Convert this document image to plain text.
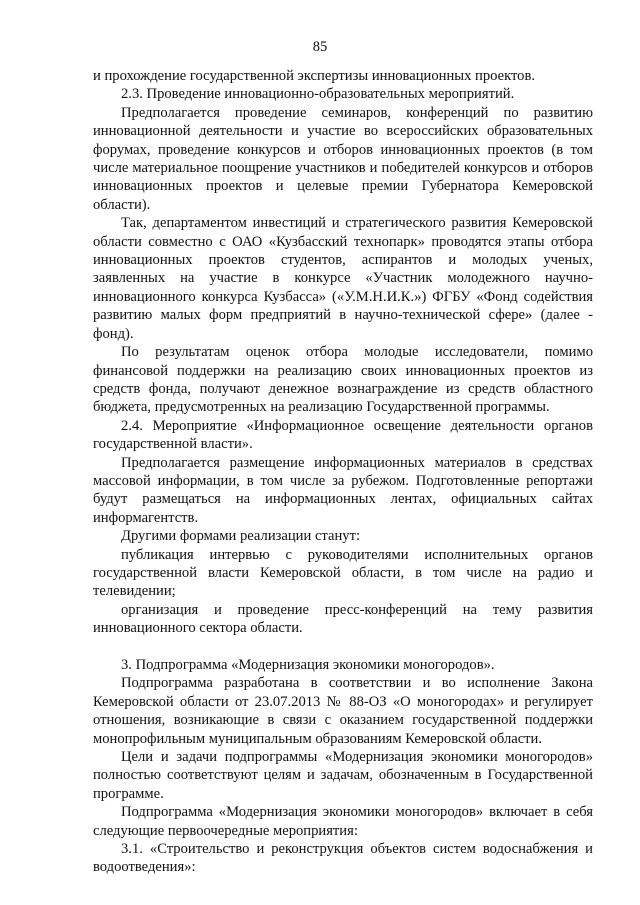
85

и прохождение государственной экспертизы инновационных проектов.

2.3. Проведение инновационно-образовательных мероприятий.

Предполагается проведение семинаров, конференций по развитию инновационной деятельности и участие во всероссийских образовательных форумах, проведение конкурсов и отборов инновационных проектов (в том числе материальное поощрение участников и победителей конкурсов и отборов инновационных проектов и целевые премии Губернатора Кемеровской области).

Так, департаментом инвестиций и стратегического развития Кемеровской области совместно с ОАО «Кузбасский технопарк» проводятся этапы отбора инновационных проектов студентов, аспирантов и молодых ученых, заявленных на участие в конкурсе «Участник молодежного научно-инновационного конкурса Кузбасса» («У.М.Н.И.К.») ФГБУ «Фонд содействия развитию малых форм предприятий в научно-технической сфере» (далее - фонд).

По результатам оценок отбора молодые исследователи, помимо финансовой поддержки на реализацию своих инновационных проектов из средств фонда, получают денежное вознаграждение из средств областного бюджета, предусмотренных на реализацию Государственной программы.

2.4. Мероприятие «Информационное освещение деятельности органов государственной власти».

Предполагается размещение информационных материалов в средствах массовой информации, в том числе за рубежом. Подготовленные репортажи будут размещаться на информационных лентах, официальных сайтах информагентств.

Другими формами реализации станут:

публикация интервью с руководителями исполнительных органов государственной власти Кемеровской области, в том числе на радио и телевидении;

организация и проведение пресс-конференций на тему развития инновационного сектора области.

3. Подпрограмма «Модернизация экономики моногородов».

Подпрограмма разработана в соответствии и во исполнение Закона Кемеровской области от 23.07.2013 № 88-ОЗ «О моногородах» и регулирует отношения, возникающие в связи с оказанием государственной поддержки монопрофильным муниципальным образованиям Кемеровской области.

Цели и задачи подпрограммы «Модернизация экономики моногородов» полностью соответствуют целям и задачам, обозначенным в Государственной программе.

Подпрограмма «Модернизация экономики моногородов» включает в себя следующие первоочередные мероприятия:

3.1. «Строительство и реконструкция объектов систем водоснабжения и водоотведения»:
